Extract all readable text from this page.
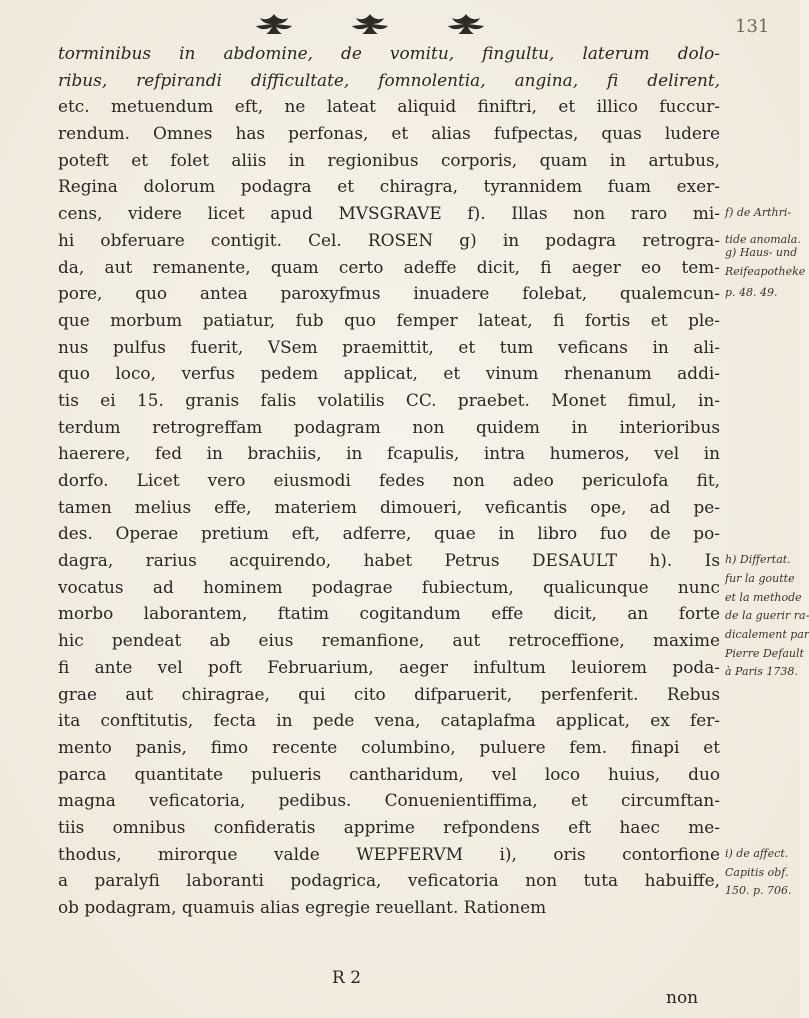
131
torminibus in abdomine, de vomitu, fingultu, laterum dolo-
ribus, refpirandi difficultate, fomnolentia, angina, fi delirent,
etc. metuendum eft, ne lateat aliquid finiftri, et illico fuccur-
rendum. Omnes has perfonas, et alias fufpectas, quas ludere
poteft et folet aliis in regionibus corporis, quam in artubus,
Regina dolorum podagra et chiragra, tyrannidem fuam exer-
cens, videre licet apud MVSGRAVE f). Illas non raro mi-
hi obferuare contigit. Cel. ROSEN g) in podagra retrogra-
da, aut remanente, quam certo adeffe dicit, fi aeger eo tem-
pore, quo antea paroxyfmus inuadere folebat, qualemcun-
que morbum patiatur, fub quo femper lateat, fi fortis et ple-
nus pulfus fuerit, VSem praemittit, et tum veficans in ali-
quo loco, verfus pedem applicat, et vinum rhenanum addi-
tis ei 15. granis falis volatilis CC. praebet. Monet fimul, in-
terdum retrogreffam podagram non quidem in interioribus
haerere, fed in brachiis, in fcapulis, intra humeros, vel in
dorfo. Licet vero eiusmodi fedes non adeo periculofa fit,
tamen melius effe, materiem dimoueri, veficantis ope, ad pe-
des. Operae pretium eft, adferre, quae in libro fuo de po-
dagra, rarius acquirendo, habet Petrus DESAULT h). Is
vocatus ad hominem podagrae fubiectum, qualicunque nunc
morbo laborantem, ftatim cogitandum effe dicit, an forte
hic pendeat ab eius remanfione, aut retroceffione, maxime
fi ante vel poft Februarium, aeger infultum leuiorem poda-
grae aut chiragrae, qui cito difparuerit, perfenferit. Rebus
ita conftitutis, fecta in pede vena, cataplafma applicat, ex fer-
mento panis, fimo recente columbino, puluere fem. finapi et
parca quantitate pulueris cantharidum, vel loco huius, duo
magna veficatoria, pedibus. Conuenientiffima, et circumftan-
tiis omnibus confideratis apprime refpondens eft haec me-
thodus, mirorque valde WEPFERVM i), oris contorfione
a paralyfi laboranti podagrica, veficatoria non tuta habuiffe,
ob podagram, quamuis alias egregie reuellant. Rationem
f) de Arthri-
tide anomala.
g) Haus- und
Reifeapotheke
p. 48. 49.
h) Differtat.
fur la goutte
et la methode
de la guerir ra-
dicalement par
Pierre Default
à Paris 1738.
i) de affect.
Capitis obf.
150. p. 706.
R 2
non
